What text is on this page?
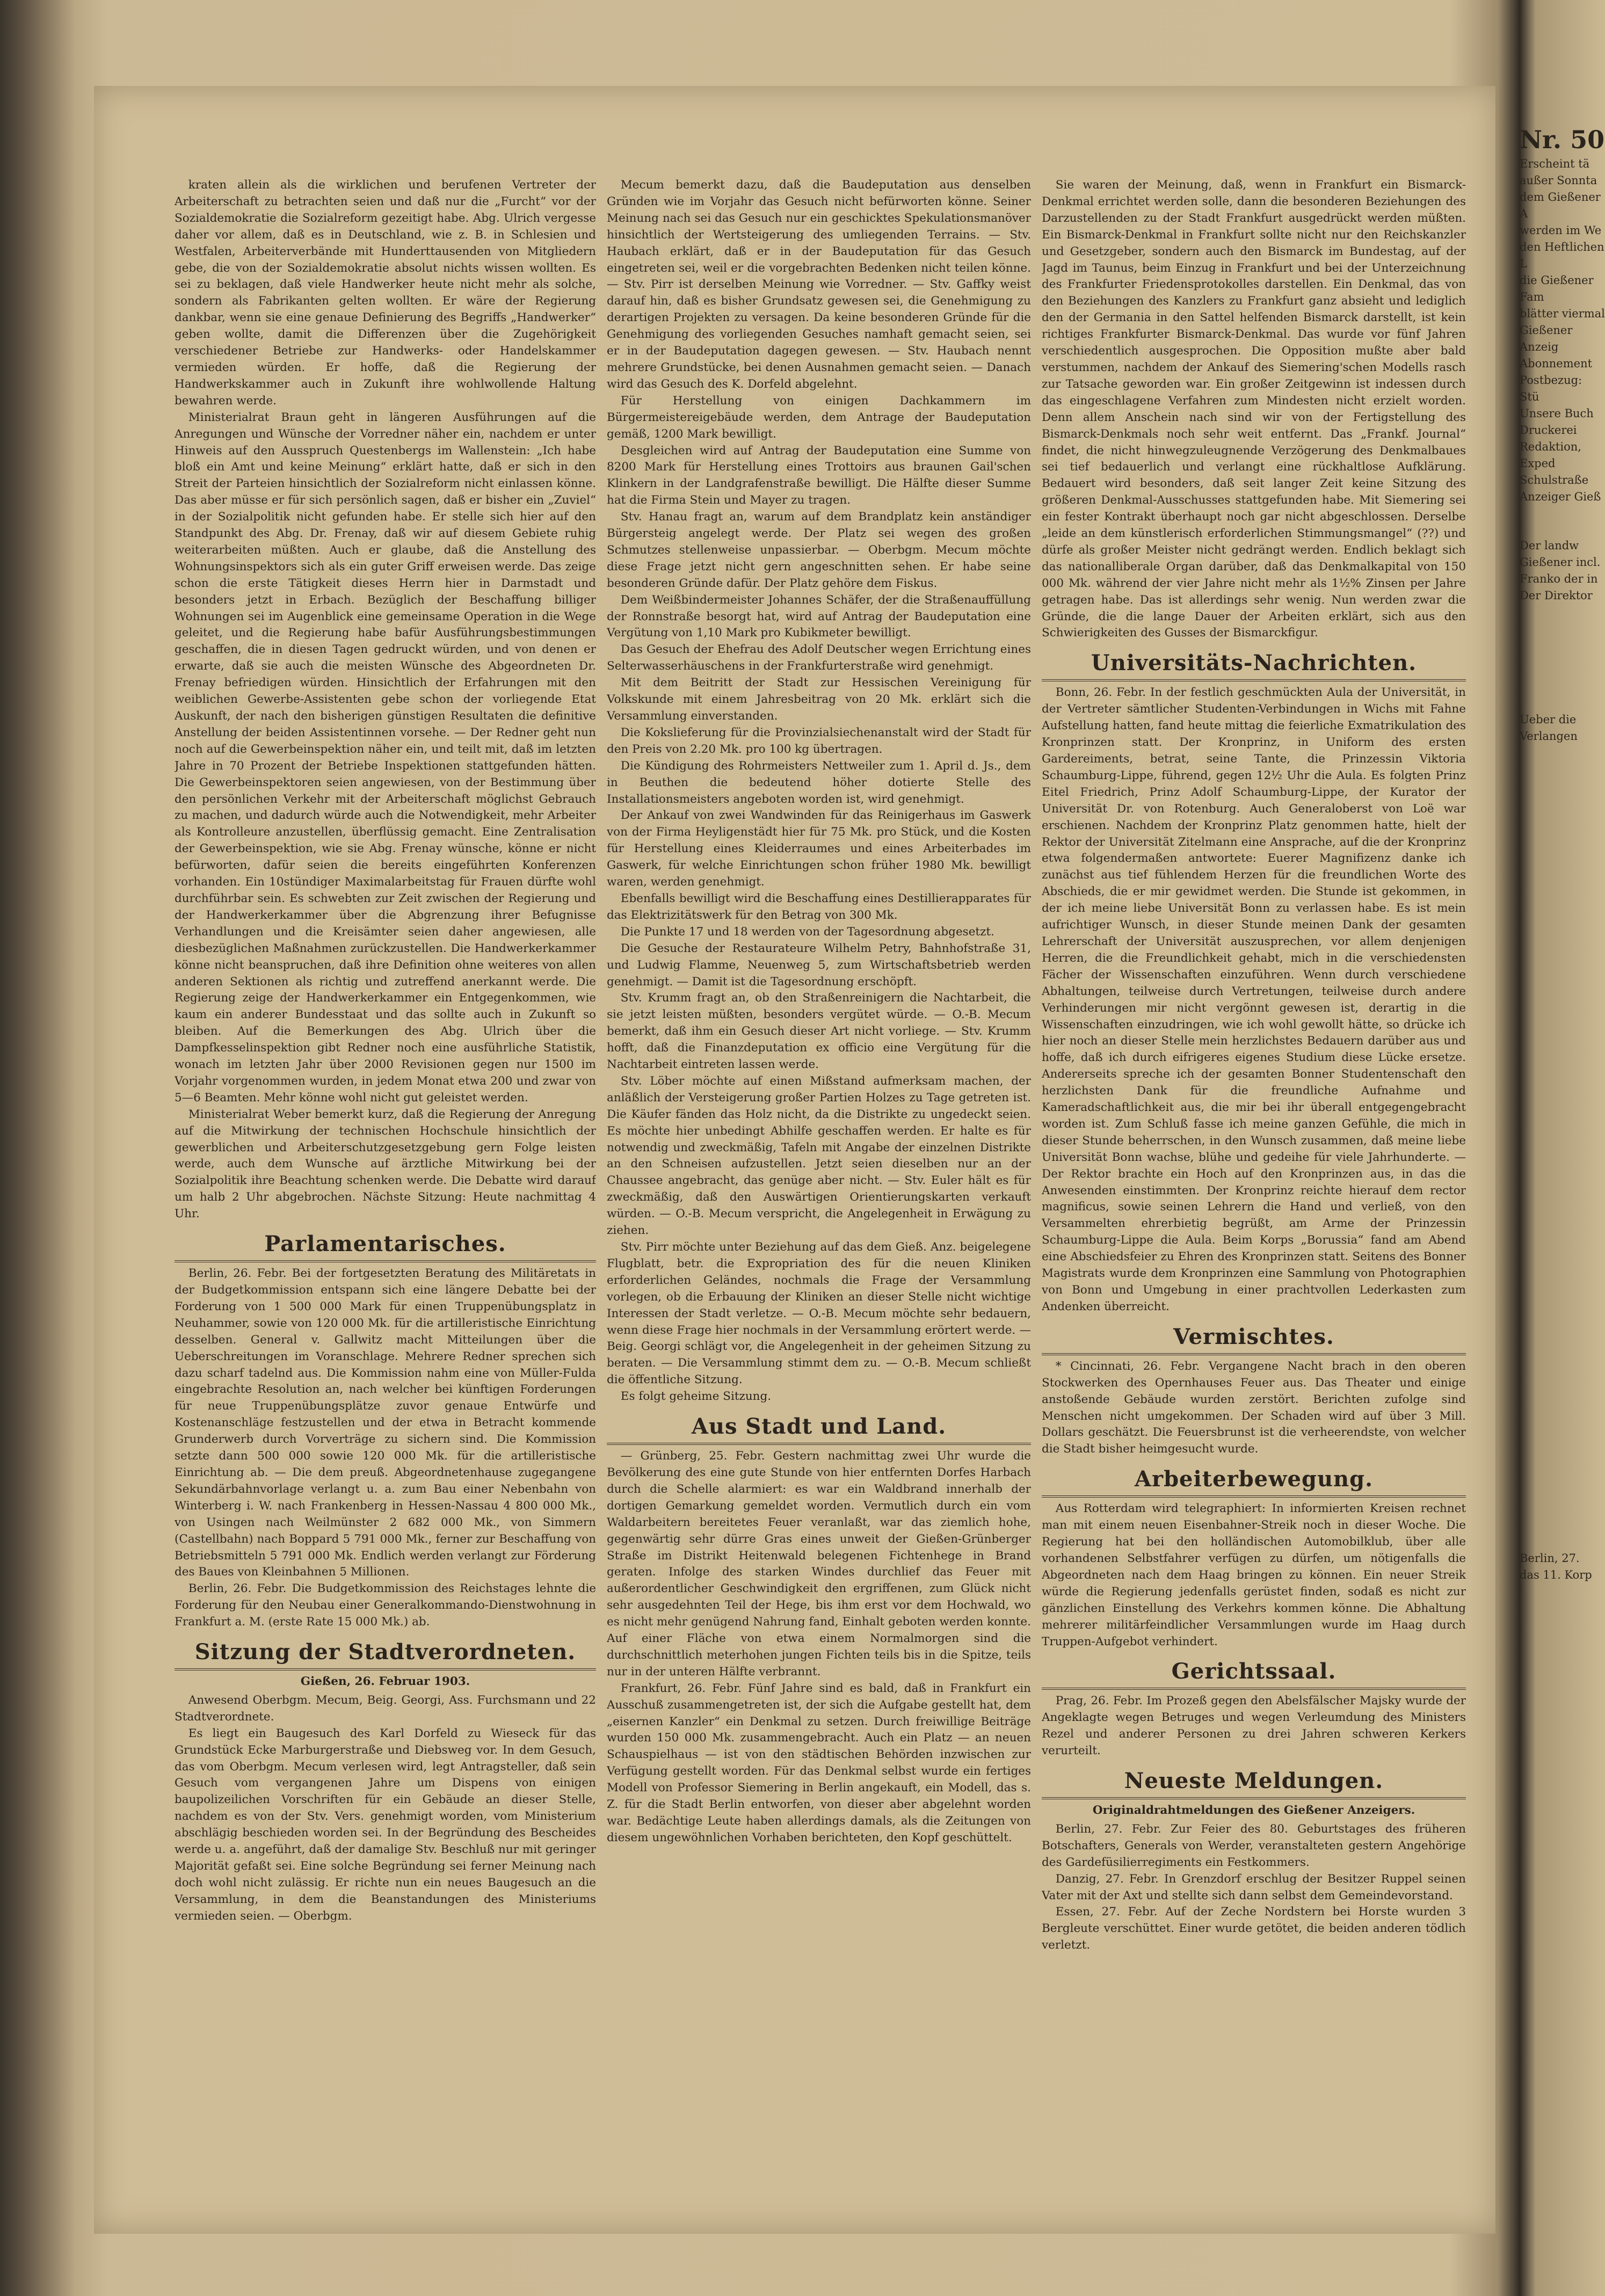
kraten allein als die wirklichen und berufenen Vertreter der Arbeiterschaft zu betrachten seien und daß nur die „Furcht“ vor der Sozialdemokratie die Sozialreform gezeitigt habe. Abg. Ulrich vergesse daher vor allem, daß es in Deutschland, wie z. B. in Schlesien und Westfalen, Arbeiterverbände mit Hunderttausenden von Mitgliedern gebe, die von der Sozialdemokratie absolut nichts wissen wollten. Es sei zu beklagen, daß viele Handwerker heute nicht mehr als solche, sondern als Fabrikanten gelten wollten. Er wäre der Regierung dankbar, wenn sie eine genaue Definierung des Begriffs „Handwerker“ geben wollte, damit die Differenzen über die Zugehörigkeit verschiedener Betriebe zur Handwerks- oder Handelskammer vermieden würden. Er hoffe, daß die Regierung der Handwerkskammer auch in Zukunft ihre wohlwollende Haltung bewahren werde.

Ministerialrat Braun geht in längeren Ausführungen auf die Anregungen und Wünsche der Vorredner näher ein, nachdem er unter Hinweis auf den Ausspruch Questenbergs im Wallenstein: „Ich habe bloß ein Amt und keine Meinung“ erklärt hatte, daß er sich in den Streit der Parteien hinsichtlich der Sozialreform nicht einlassen könne. Das aber müsse er für sich persönlich sagen, daß er bisher ein „Zuviel“ in der Sozialpolitik nicht gefunden habe. Er stelle sich hier auf den Standpunkt des Abg. Dr. Frenay, daß wir auf diesem Gebiete ruhig weiterarbeiten müßten. Auch er glaube, daß die Anstellung des Wohnungsinspektors sich als ein guter Griff erweisen werde. Das zeige schon die erste Tätigkeit dieses Herrn hier in Darmstadt und besonders jetzt in Erbach. Bezüglich der Beschaffung billiger Wohnungen sei im Augenblick eine gemeinsame Operation in die Wege geleitet, und die Regierung habe bafür Ausführungsbestimmungen geschaffen, die in diesen Tagen gedruckt würden, und von denen er erwarte, daß sie auch die meisten Wünsche des Abgeordneten Dr. Frenay befriedigen würden. Hinsichtlich der Erfahrungen mit den weiblichen Gewerbe-Assistenten gebe schon der vorliegende Etat Auskunft, der nach den bisherigen günstigen Resultaten die definitive Anstellung der beiden Assistentinnen vorsehe. — Der Redner geht nun noch auf die Gewerbeinspektion näher ein, und teilt mit, daß im letzten Jahre in 70 Prozent der Betriebe Inspektionen stattgefunden hätten. Die Gewerbeinspektoren seien angewiesen, von der Bestimmung über den persönlichen Verkehr mit der Arbeiterschaft möglichst Gebrauch zu machen, und dadurch würde auch die Notwendigkeit, mehr Arbeiter als Kontrolleure anzustellen, überflüssig gemacht. Eine Zentralisation der Gewerbeinspektion, wie sie Abg. Frenay wünsche, könne er nicht befürworten, dafür seien die bereits eingeführten Konferenzen vorhanden. Ein 10stündiger Maximalarbeitstag für Frauen dürfte wohl durchführbar sein. Es schwebten zur Zeit zwischen der Regierung und der Handwerkerkammer über die Abgrenzung ihrer Befugnisse Verhandlungen und die Kreisämter seien daher angewiesen, alle diesbezüglichen Maßnahmen zurückzustellen. Die Handwerkerkammer könne nicht beanspruchen, daß ihre Definition ohne weiteres von allen anderen Sektionen als richtig und zutreffend anerkannt werde. Die Regierung zeige der Handwerkerkammer ein Entgegenkommen, wie kaum ein anderer Bundesstaat und das sollte auch in Zukunft so bleiben. Auf die Bemerkungen des Abg. Ulrich über die Dampfkesselinspektion gibt Redner noch eine ausführliche Statistik, wonach im letzten Jahr über 2000 Revisionen gegen nur 1500 im Vorjahr vorgenommen wurden, in jedem Monat etwa 200 und zwar von 5—6 Beamten. Mehr könne wohl nicht gut geleistet werden.

Ministerialrat Weber bemerkt kurz, daß die Regierung der Anregung auf die Mitwirkung der technischen Hochschule hinsichtlich der gewerblichen und Arbeiterschutzgesetzgebung gern Folge leisten werde, auch dem Wunsche auf ärztliche Mitwirkung bei der Sozialpolitik ihre Beachtung schenken werde. Die Debatte wird darauf um halb 2 Uhr abgebrochen. Nächste Sitzung: Heute nachmittag 4 Uhr.

Parlamentarisches.

Berlin, 26. Febr. Bei der fortgesetzten Beratung des Militäretats in der Budgetkommission entspann sich eine längere Debatte bei der Forderung von 1 500 000 Mark für einen Truppenübungsplatz in Neuhammer, sowie von 120 000 Mk. für die artilleristische Einrichtung desselben. General v. Gallwitz macht Mitteilungen über die Ueberschreitungen im Voranschlage. Mehrere Redner sprechen sich dazu scharf tadelnd aus. Die Kommission nahm eine von Müller-Fulda eingebrachte Resolution an, nach welcher bei künftigen Forderungen für neue Truppenübungsplätze zuvor genaue Entwürfe und Kostenanschläge festzustellen und der etwa in Betracht kommende Grunderwerb durch Vorverträge zu sichern sind. Die Kommission setzte dann 500 000 sowie 120 000 Mk. für die artilleristische Einrichtung ab. — Die dem preuß. Abgeordnetenhause zugegangene Sekundärbahnvorlage verlangt u. a. zum Bau einer Nebenbahn von Winterberg i. W. nach Frankenberg in Hessen-Nassau 4 800 000 Mk., von Usingen nach Weilmünster 2 682 000 Mk., von Simmern (Castellbahn) nach Boppard 5 791 000 Mk., ferner zur Beschaffung von Betriebsmitteln 5 791 000 Mk. Endlich werden verlangt zur Förderung des Baues von Kleinbahnen 5 Millionen.

Berlin, 26. Febr. Die Budgetkommission des Reichstages lehnte die Forderung für den Neubau einer Generalkommando-Dienstwohnung in Frankfurt a. M. (erste Rate 15 000 Mk.) ab.

Sitzung der Stadtverordneten.
Gießen, 26. Februar 1903.

Anwesend Oberbgm. Mecum, Beig. Georgi, Ass. Furchsmann und 22 Stadtverordnete.

Es liegt ein Baugesuch des Karl Dorfeld zu Wieseck für das Grundstück Ecke Marburgerstraße und Diebsweg vor. In dem Gesuch, das vom Oberbgm. Mecum verlesen wird, legt Antragsteller, daß sein Gesuch vom vergangenen Jahre um Dispens von einigen baupolizeilichen Vorschriften für ein Gebäude an dieser Stelle, nachdem es von der Stv. Vers. genehmigt worden, vom Ministerium abschlägig beschieden worden sei. In der Begründung des Bescheides werde u. a. angeführt, daß der damalige Stv. Beschluß nur mit geringer Majorität gefaßt sei. Eine solche Begründung sei ferner Meinung nach doch wohl nicht zulässig. Er richte nun ein neues Baugesuch an die Versammlung, in dem die Beanstandungen des Ministeriums vermieden seien. — Oberbgm.

Mecum bemerkt dazu, daß die Baudeputation aus denselben Gründen wie im Vorjahr das Gesuch nicht befürworten könne. Seiner Meinung nach sei das Gesuch nur ein geschicktes Spekulationsmanöver hinsichtlich der Wertsteigerung des umliegenden Terrains. — Stv. Haubach erklärt, daß er in der Baudeputation für das Gesuch eingetreten sei, weil er die vorgebrachten Bedenken nicht teilen könne. — Stv. Pirr ist derselben Meinung wie Vorredner. — Stv. Gaffky weist darauf hin, daß es bisher Grundsatz gewesen sei, die Genehmigung zu derartigen Projekten zu versagen. Da keine besonderen Gründe für die Genehmigung des vorliegenden Gesuches namhaft gemacht seien, sei er in der Baudeputation dagegen gewesen. — Stv. Haubach nennt mehrere Grundstücke, bei denen Ausnahmen gemacht seien. — Danach wird das Gesuch des K. Dorfeld abgelehnt.

Für Herstellung von einigen Dachkammern im Bürgermeistereigebäude werden, dem Antrage der Baudeputation gemäß, 1200 Mark bewilligt.

Desgleichen wird auf Antrag der Baudeputation eine Summe von 8200 Mark für Herstellung eines Trottoirs aus braunen Gail'schen Klinkern in der Landgrafenstraße bewilligt. Die Hälfte dieser Summe hat die Firma Stein und Mayer zu tragen.

Stv. Hanau fragt an, warum auf dem Brandplatz kein anständiger Bürgersteig angelegt werde. Der Platz sei wegen des großen Schmutzes stellenweise unpassierbar. — Oberbgm. Mecum möchte diese Frage jetzt nicht gern angeschnitten sehen. Er habe seine besonderen Gründe dafür. Der Platz gehöre dem Fiskus.

Dem Weißbindermeister Johannes Schäfer, der die Straßenauffüllung der Ronnstraße besorgt hat, wird auf Antrag der Baudeputation eine Vergütung von 1,10 Mark pro Kubikmeter bewilligt.

Das Gesuch der Ehefrau des Adolf Deutscher wegen Errichtung eines Selterwasserhäuschens in der Frankfurterstraße wird genehmigt.

Mit dem Beitritt der Stadt zur Hessischen Vereinigung für Volkskunde mit einem Jahresbeitrag von 20 Mk. erklärt sich die Versammlung einverstanden.

Die Kokslieferung für die Provinzialsiechenanstalt wird der Stadt für den Preis von 2.20 Mk. pro 100 kg übertragen.

Die Kündigung des Rohrmeisters Nettweiler zum 1. April d. Js., dem in Beuthen die bedeutend höher dotierte Stelle des Installationsmeisters angeboten worden ist, wird genehmigt.

Der Ankauf von zwei Wandwinden für das Reinigerhaus im Gaswerk von der Firma Heyligenstädt hier für 75 Mk. pro Stück, und die Kosten für Herstellung eines Kleiderraumes und eines Arbeiterbades im Gaswerk, für welche Einrichtungen schon früher 1980 Mk. bewilligt waren, werden genehmigt.

Ebenfalls bewilligt wird die Beschaffung eines Destillierapparates für das Elektrizitätswerk für den Betrag von 300 Mk.

Die Punkte 17 und 18 werden von der Tagesordnung abgesetzt.

Die Gesuche der Restaurateure Wilhelm Petry, Bahnhofstraße 31, und Ludwig Flamme, Neuenweg 5, zum Wirtschaftsbetrieb werden genehmigt. — Damit ist die Tagesordnung erschöpft.

Stv. Krumm fragt an, ob den Straßenreinigern die Nachtarbeit, die sie jetzt leisten müßten, besonders vergütet würde. — O.-B. Mecum bemerkt, daß ihm ein Gesuch dieser Art nicht vorliege. — Stv. Krumm hofft, daß die Finanzdeputation ex officio eine Vergütung für die Nachtarbeit eintreten lassen werde.

Stv. Löber möchte auf einen Mißstand aufmerksam machen, der anläßlich der Versteigerung großer Partien Holzes zu Tage getreten ist. Die Käufer fänden das Holz nicht, da die Distrikte zu ungedeckt seien. Es möchte hier unbedingt Abhilfe geschaffen werden. Er halte es für notwendig und zweckmäßig, Tafeln mit Angabe der einzelnen Distrikte an den Schneisen aufzustellen. Jetzt seien dieselben nur an der Chaussee angebracht, das genüge aber nicht. — Stv. Euler hält es für zweckmäßig, daß den Auswärtigen Orientierungskarten verkauft würden. — O.-B. Mecum verspricht, die Angelegenheit in Erwägung zu ziehen.

Stv. Pirr möchte unter Beziehung auf das dem Gieß. Anz. beigelegene Flugblatt, betr. die Expropriation des für die neuen Kliniken erforderlichen Geländes, nochmals die Frage der Versammlung vorlegen, ob die Erbauung der Kliniken an dieser Stelle nicht wichtige Interessen der Stadt verletze. — O.-B. Mecum möchte sehr bedauern, wenn diese Frage hier nochmals in der Versammlung erörtert werde. — Beig. Georgi schlägt vor, die Angelegenheit in der geheimen Sitzung zu beraten. — Die Versammlung stimmt dem zu. — O.-B. Mecum schließt die öffentliche Sitzung.

Es folgt geheime Sitzung.

Aus Stadt und Land.

— Grünberg, 25. Febr. Gestern nachmittag zwei Uhr wurde die Bevölkerung des eine gute Stunde von hier entfernten Dorfes Harbach durch die Schelle alarmiert: es war ein Waldbrand innerhalb der dortigen Gemarkung gemeldet worden. Vermutlich durch ein vom Waldarbeitern bereitetes Feuer veranlaßt, war das ziemlich hohe, gegenwärtig sehr dürre Gras eines unweit der Gießen-Grünberger Straße im Distrikt Heitenwald belegenen Fichtenhege in Brand geraten. Infolge des starken Windes durchlief das Feuer mit außerordentlicher Geschwindigkeit den ergriffenen, zum Glück nicht sehr ausgedehnten Teil der Hege, bis ihm erst vor dem Hochwald, wo es nicht mehr genügend Nahrung fand, Einhalt geboten werden konnte. Auf einer Fläche von etwa einem Normalmorgen sind die durchschnittlich meterhohen jungen Fichten teils bis in die Spitze, teils nur in der unteren Hälfte verbrannt.

Frankfurt, 26. Febr. Fünf Jahre sind es bald, daß in Frankfurt ein Ausschuß zusammengetreten ist, der sich die Aufgabe gestellt hat, dem „eisernen Kanzler“ ein Denkmal zu setzen. Durch freiwillige Beiträge wurden 150 000 Mk. zusammengebracht. Auch ein Platz — an neuen Schauspielhaus — ist von den städtischen Behörden inzwischen zur Verfügung gestellt worden. Für das Denkmal selbst wurde ein fertiges Modell von Professor Siemering in Berlin angekauft, ein Modell, das s. Z. für die Stadt Berlin entworfen, von dieser aber abgelehnt worden war. Bedächtige Leute haben allerdings damals, als die Zeitungen von diesem ungewöhnlichen Vorhaben berichteten, den Kopf geschüttelt.

Sie waren der Meinung, daß, wenn in Frankfurt ein Bismarck-Denkmal errichtet werden solle, dann die besonderen Beziehungen des Darzustellenden zu der Stadt Frankfurt ausgedrückt werden müßten. Ein Bismarck-Denkmal in Frankfurt sollte nicht nur den Reichskanzler und Gesetzgeber, sondern auch den Bismarck im Bundestag, auf der Jagd im Taunus, beim Einzug in Frankfurt und bei der Unterzeichnung des Frankfurter Friedensprotokolles darstellen. Ein Denkmal, das von den Beziehungen des Kanzlers zu Frankfurt ganz absieht und lediglich den der Germania in den Sattel helfenden Bismarck darstellt, ist kein richtiges Frankfurter Bismarck-Denkmal. Das wurde vor fünf Jahren verschiedentlich ausgesprochen. Die Opposition mußte aber bald verstummen, nachdem der Ankauf des Siemering'schen Modells rasch zur Tatsache geworden war. Ein großer Zeitgewinn ist indessen durch das eingeschlagene Verfahren zum Mindesten nicht erzielt worden. Denn allem Anschein nach sind wir von der Fertigstellung des Bismarck-Denkmals noch sehr weit entfernt. Das „Frankf. Journal“ findet, die nicht hinwegzuleugnende Verzögerung des Denkmalbaues sei tief bedauerlich und verlangt eine rückhaltlose Aufklärung. Bedauert wird besonders, daß seit langer Zeit keine Sitzung des größeren Denkmal-Ausschusses stattgefunden habe. Mit Siemering sei ein fester Kontrakt überhaupt noch gar nicht abgeschlossen. Derselbe „leide an dem künstlerisch erforderlichen Stimmungsmangel“ (??) und dürfe als großer Meister nicht gedrängt werden. Endlich beklagt sich das nationalliberale Organ darüber, daß das Denkmalkapital von 150 000 Mk. während der vier Jahre nicht mehr als 1½% Zinsen per Jahre getragen habe. Das ist allerdings sehr wenig. Nun werden zwar die Gründe, die die lange Dauer der Arbeiten erklärt, sich aus den Schwierigkeiten des Gusses der Bismarckfigur.

Universitäts-Nachrichten.

Bonn, 26. Febr. In der festlich geschmückten Aula der Universität, in der Vertreter sämtlicher Studenten-Verbindungen in Wichs mit Fahne Aufstellung hatten, fand heute mittag die feierliche Exmatrikulation des Kronprinzen statt. Der Kronprinz, in Uniform des ersten Gardereiments, betrat, seine Tante, die Prinzessin Viktoria Schaumburg-Lippe, führend, gegen 12½ Uhr die Aula. Es folgten Prinz Eitel Friedrich, Prinz Adolf Schaumburg-Lippe, der Kurator der Universität Dr. von Rotenburg. Auch Generaloberst von Loë war erschienen. Nachdem der Kronprinz Platz genommen hatte, hielt der Rektor der Universität Zitelmann eine Ansprache, auf die der Kronprinz etwa folgendermaßen antwortete: Euerer Magnifizenz danke ich zunächst aus tief fühlendem Herzen für die freundlichen Worte des Abschieds, die er mir gewidmet werden. Die Stunde ist gekommen, in der ich meine liebe Universität Bonn zu verlassen habe. Es ist mein aufrichtiger Wunsch, in dieser Stunde meinen Dank der gesamten Lehrerschaft der Universität auszusprechen, vor allem denjenigen Herren, die die Freundlichkeit gehabt, mich in die verschiedensten Fächer der Wissenschaften einzuführen. Wenn durch verschiedene Abhaltungen, teilweise durch Vertretungen, teilweise durch andere Verhinderungen mir nicht vergönnt gewesen ist, derartig in die Wissenschaften einzudringen, wie ich wohl gewollt hätte, so drücke ich hier noch an dieser Stelle mein herzlichstes Bedauern darüber aus und hoffe, daß ich durch eifrigeres eigenes Studium diese Lücke ersetze. Andererseits spreche ich der gesamten Bonner Studentenschaft den herzlichsten Dank für die freundliche Aufnahme und Kameradschaftlichkeit aus, die mir bei ihr überall entgegengebracht worden ist. Zum Schluß fasse ich meine ganzen Gefühle, die mich in dieser Stunde beherrschen, in den Wunsch zusammen, daß meine liebe Universität Bonn wachse, blühe und gedeihe für viele Jahrhunderte. — Der Rektor brachte ein Hoch auf den Kronprinzen aus, in das die Anwesenden einstimmten. Der Kronprinz reichte hierauf dem rector magnificus, sowie seinen Lehrern die Hand und verließ, von den Versammelten ehrerbietig begrüßt, am Arme der Prinzessin Schaumburg-Lippe die Aula. Beim Korps „Borussia“ fand am Abend eine Abschiedsfeier zu Ehren des Kronprinzen statt. Seitens des Bonner Magistrats wurde dem Kronprinzen eine Sammlung von Photographien von Bonn und Umgebung in einer prachtvollen Lederkasten zum Andenken überreicht.

Vermischtes.

* Cincinnati, 26. Febr. Vergangene Nacht brach in den oberen Stockwerken des Opernhauses Feuer aus. Das Theater und einige anstoßende Gebäude wurden zerstört. Berichten zufolge sind Menschen nicht umgekommen. Der Schaden wird auf über 3 Mill. Dollars geschätzt. Die Feuersbrunst ist die verheerendste, von welcher die Stadt bisher heimgesucht wurde.

Arbeiterbewegung.

Aus Rotterdam wird telegraphiert: In informierten Kreisen rechnet man mit einem neuen Eisenbahner-Streik noch in dieser Woche. Die Regierung hat bei den holländischen Automobilklub, über alle vorhandenen Selbstfahrer verfügen zu dürfen, um nötigenfalls die Abgeordneten nach dem Haag bringen zu können. Ein neuer Streik würde die Regierung jedenfalls gerüstet finden, sodaß es nicht zur gänzlichen Einstellung des Verkehrs kommen könne. Die Abhaltung mehrerer militärfeindlicher Versammlungen wurde im Haag durch Truppen-Aufgebot verhindert.

Gerichtssaal.

Prag, 26. Febr. Im Prozeß gegen den Abelsfälscher Majsky wurde der Angeklagte wegen Betruges und wegen Verleumdung des Ministers Rezel und anderer Personen zu drei Jahren schweren Kerkers verurteilt.

Neueste Meldungen.
Originaldrahtmeldungen des Gießener Anzeigers.

Berlin, 27. Febr. Zur Feier des 80. Geburtstages des früheren Botschafters, Generals von Werder, veranstalteten gestern Angehörige des Gardefüsilierregiments ein Festkommers.

Danzig, 27. Febr. In Grenzdorf erschlug der Besitzer Ruppel seinen Vater mit der Axt und stellte sich dann selbst dem Gemeindevorstand.

Essen, 27. Febr. Auf der Zeche Nordstern bei Horste wurden 3 Bergleute verschüttet. Einer wurde getötet, die beiden anderen tödlich verletzt.

Nr. 50
Erscheint tä
außer Sonnta
dem Gießener A
werden im We
den Heftlichen L
die Gießener Fam
blätter viermal
Gießener Anzeig
Abonnement
Postbezug: Stü
Unsere Buch
Druckerei
Redaktion, Exped
Schulstraße
Anzeiger Gieß
Der landw
Gießener incl.
Franko der in
Der Direktor
Ueber die
Verlangen
Berlin, 27.
das 11. Korp
